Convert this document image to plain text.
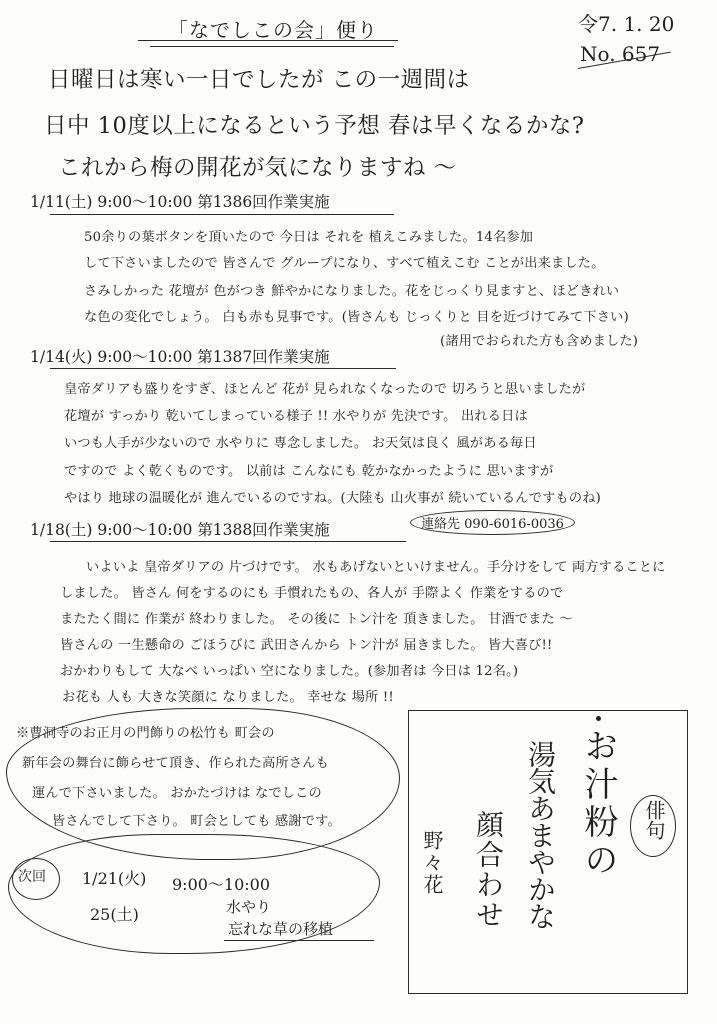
「なでしこの会」便り	令7. 1. 20
No. 657
日曜日は寒い一日でしたが この一週間は
日中 10度以上になるという予想 春は早くなるかな?
これから梅の開花が気になりますね 〜
1/11(土) 9:00〜10:00 第1386回作業実施
50余りの葉ボタンを頂いたので 今日は それを 植えこみました。14名参加
して下さいましたので 皆さんで グループになり、すべて植えこむ ことが出来ました。
さみしかった 花壇が 色がつき 鮮やかになりました。花をじっくり見ますと、ほどきれい
な色の変化でしょう。 白も赤も見事です。(皆さんも じっくりと 目を近づけてみて下さい)
(諸用でおられた方も含めました)
1/14(火) 9:00〜10:00 第1387回作業実施
皇帝ダリアも盛りをすぎ、ほとんど 花が 見られなくなったので 切ろうと思いましたが
花壇が すっかり 乾いてしまっている様子 !! 水やりが 先決です。 出れる日は
いつも人手が少ないので 水やりに 専念しました。 お天気は良く 風がある毎日
ですので よく乾くものです。 以前は こんなにも 乾かなかったように 思いますが
やはり 地球の温暖化が 進んでいるのですね。(大陸も 山火事が 続いているんですものね)
1/18(土) 9:00〜10:00 第1388回作業実施	連絡先 090-6016-0036
いよいよ 皇帝ダリアの 片づけです。 水もあげないといけません。手分けをして 両方することに
しました。 皆さん 何をするのにも 手慣れたもの、各人が 手際よく 作業をするので
またたく間に 作業が 終わりました。 その後に トン汁を 頂きました。 甘酒でまた 〜
皆さんの 一生懸命の ごほうびに 武田さんから トン汁が 届きました。 皆大喜び!!
おかわりもして 大なべ いっぱい 空になりました。(参加者は 今日は 12名。)
お花も 人も 大きな笑顔に なりました。 幸せな 場所 !!
※曹洞寺のお正月の門飾りの松竹も 町会の
新年会の舞台に飾らせて頂き、作られた高所さんも
運んで下さいました。 おかたづけは なでしこの
皆さんでして下さり。 町会としても 感謝です。
次回 1/21(火)
25(土)
9:00〜10:00
水やり
忘れな草の移植
俳句
お汁粉の
湯気あまやかな
顔合わせ
野々花
